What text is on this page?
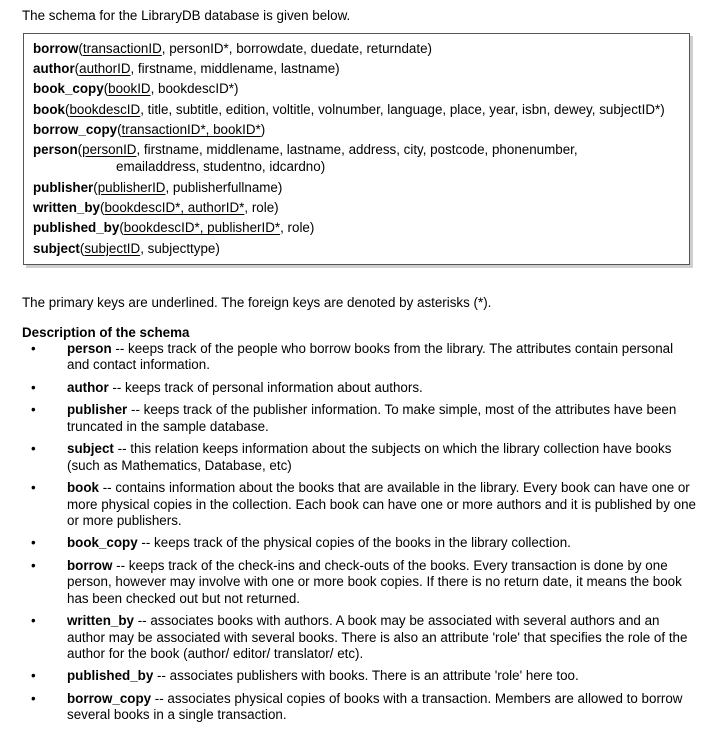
The schema for the LibraryDB database is given below.
borrow(transactionID, personID*, borrowdate, duedate, returndate)
author(authorID, firstname, middlename, lastname)
book_copy(bookID, bookdescID*)
book(bookdescID, title, subtitle, edition, voltitle, volnumber, language, place, year, isbn, dewey, subjectID*)
borrow_copy(transactionID*, bookID*)
person(personID, firstname, middlename, lastname, address, city, postcode, phonenumber,
emailaddress, studentno, idcardno)
publisher(publisherID, publisherfullname)
written_by(bookdescID*, authorID*, role)
published_by(bookdescID*, publisherID*, role)
subject(subjectID, subjecttype)
The primary keys are underlined. The foreign keys are denoted by asterisks (*).
Description of the schema
• person -- keeps track of the people who borrow books from the library. The attributes contain personal and contact information.
• author -- keeps track of personal information about authors.
• publisher -- keeps track of the publisher information. To make simple, most of the attributes have been truncated in the sample database.
• subject -- this relation keeps information about the subjects on which the library collection have books (such as Mathematics, Database, etc)
• book -- contains information about the books that are available in the library. Every book can have one or more physical copies in the collection. Each book can have one or more authors and it is published by one or more publishers.
• book_copy -- keeps track of the physical copies of the books in the library collection.
• borrow -- keeps track of the check-ins and check-outs of the books. Every transaction is done by one person, however may involve with one or more book copies. If there is no return date, it means the book has been checked out but not returned.
• written_by -- associates books with authors. A book may be associated with several authors and an author may be associated with several books. There is also an attribute 'role' that specifies the role of the author for the book (author/ editor/ translator/ etc).
• published_by -- associates publishers with books. There is an attribute 'role' here too.
• borrow_copy -- associates physical copies of books with a transaction. Members are allowed to borrow several books in a single transaction.
